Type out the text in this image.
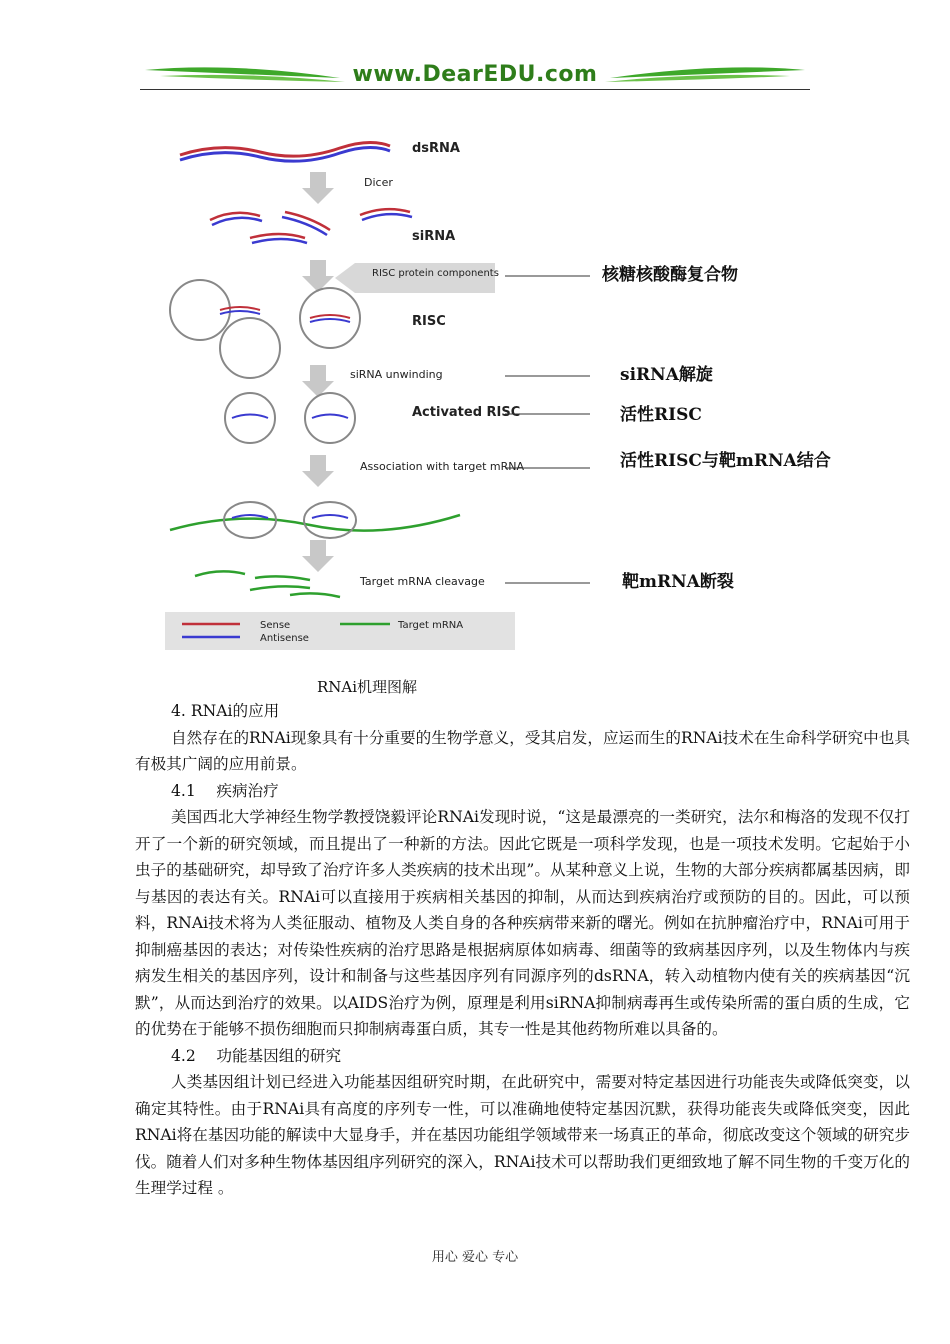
www.DearEDU.com
dsRNA
Dicer
siRNA
RISC protein components	核糖核酸酶复合物
RISC
siRNA unwinding	siRNA解旋
Activated RISC	活性RISC
Association with target mRNA	活性RISC与靶mRNA结合
Target mRNA cleavage	靶mRNA断裂
Sense
Antisense
Target mRNA
RNAi机理图解

4. RNAi的应用

自然存在的RNAi现象具有十分重要的生物学意义，受其启发，应运而生的RNAi技术在生命科学研究中也具有极其广阔的应用前景。

4.1　 疾病治疗

美国西北大学神经生物学教授饶毅评论RNAi发现时说，“这是最漂亮的一类研究，法尔和梅洛的发现不仅打开了一个新的研究领域，而且提出了一种新的方法。因此它既是一项科学发现，也是一项技术发明。它起始于小虫子的基础研究，却导致了治疗许多人类疾病的技术出现”。从某种意义上说，生物的大部分疾病都属基因病，即与基因的表达有关。RNAi可以直接用于疾病相关基因的抑制，从而达到疾病治疗或预防的目的。因此，可以预料，RNAi技术将为人类征服动、植物及人类自身的各种疾病带来新的曙光。例如在抗肿瘤治疗中，RNAi可用于抑制癌基因的表达；对传染性疾病的治疗思路是根据病原体如病毒、细菌等的致病基因序列，以及生物体内与疾病发生相关的基因序列，设计和制备与这些基因序列有同源序列的dsRNA，转入动植物内使有关的疾病基因“沉默”，从而达到治疗的效果。以AIDS治疗为例，原理是利用siRNA抑制病毒再生或传染所需的蛋白质的生成，它的优势在于能够不损伤细胞而只抑制病毒蛋白质，其专一性是其他药物所难以具备的。

4.2　 功能基因组的研究

人类基因组计划已经进入功能基因组研究时期，在此研究中，需要对特定基因进行功能丧失或降低突变，以确定其特性。由于RNAi具有高度的序列专一性，可以准确地使特定基因沉默，获得功能丧失或降低突变，因此RNAi将在基因功能的解读中大显身手，并在基因功能组学领域带来一场真正的革命，彻底改变这个领域的研究步伐。随着人们对多种生物体基因组序列研究的深入，RNAi技术可以帮助我们更细致地了解不同生物的千变万化的生理学过程 。

用心 爱心 专心
